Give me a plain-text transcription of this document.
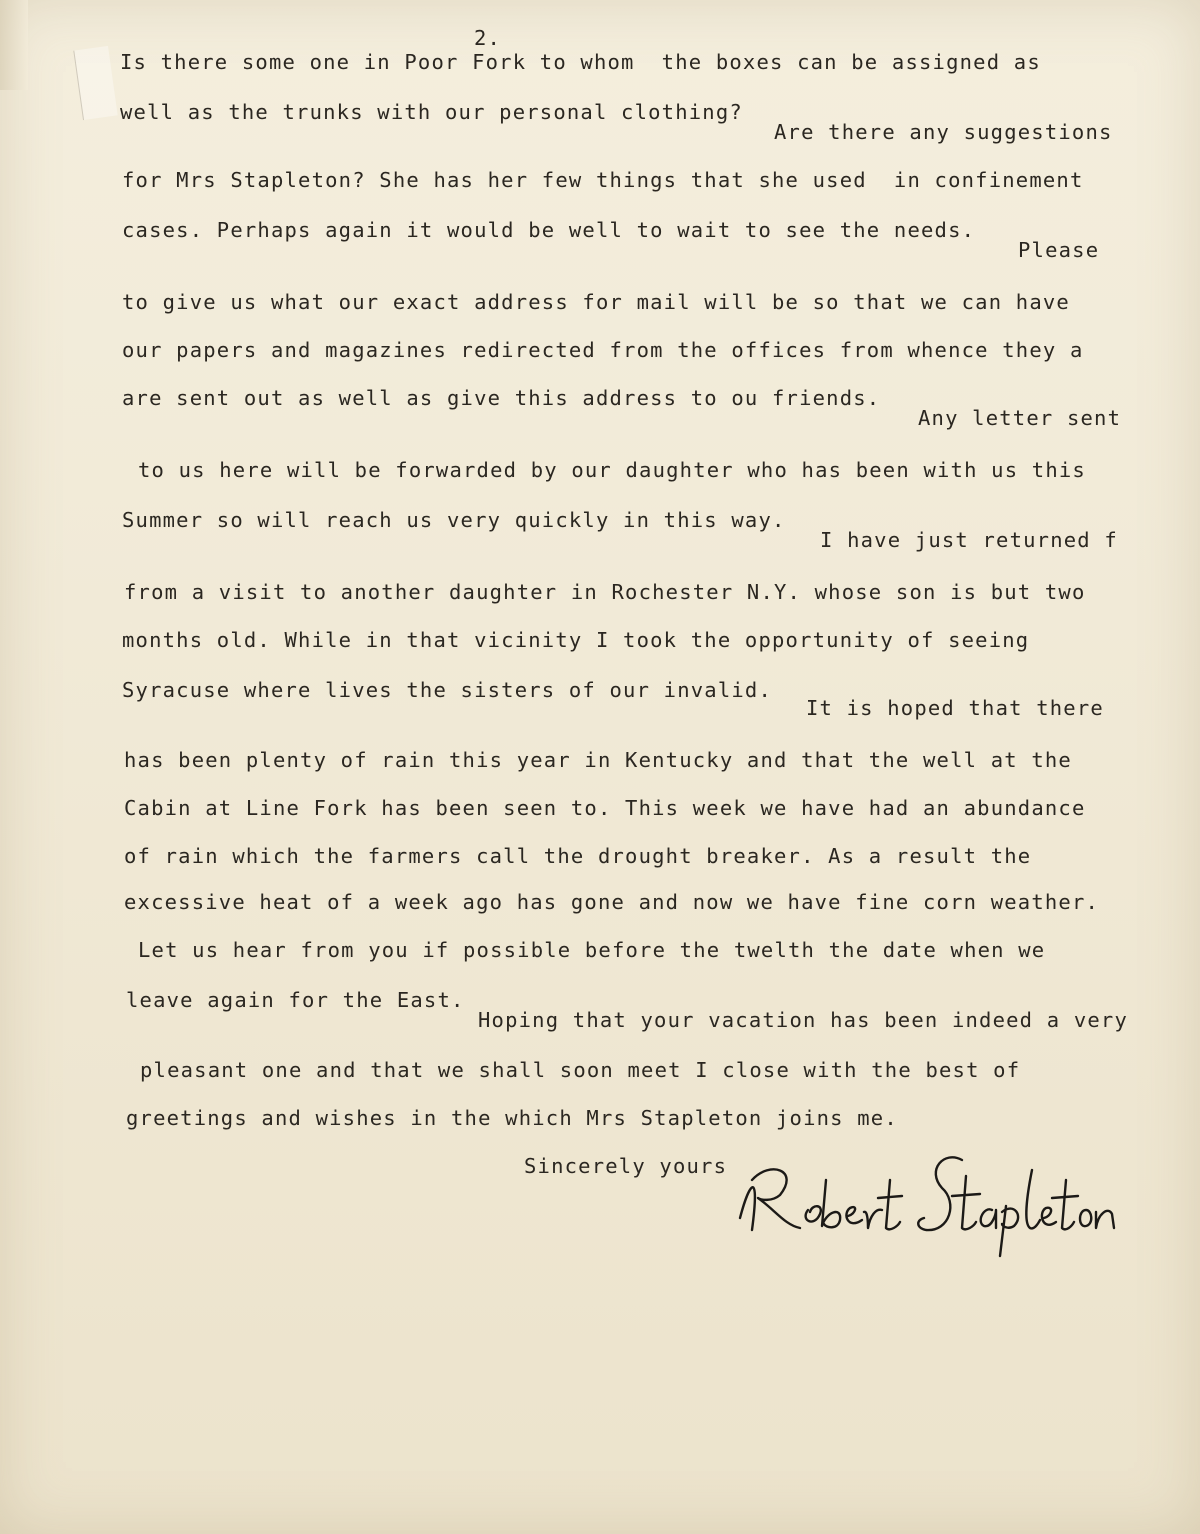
2.
Is there some one in Poor Fork to whom  the boxes can be assigned as
well as the trunks with our personal clothing?
Are there any suggestions
for Mrs Stapleton? She has her few things that she used  in confinement
cases. Perhaps again it would be well to wait to see the needs.
Please
to give us what our exact address for mail will be so that we can have
our papers and magazines redirected from the offices from whence they a
are sent out as well as give this address to ou friends.
Any letter sent
to us here will be forwarded by our daughter who has been with us this
Summer so will reach us very quickly in this way.
I have just returned f
from a visit to another daughter in Rochester N.Y. whose son is but two
months old. While in that vicinity I took the opportunity of seeing
Syracuse where lives the sisters of our invalid.
It is hoped that there
has been plenty of rain this year in Kentucky and that the well at the
Cabin at Line Fork has been seen to. This week we have had an abundance
of rain which the farmers call the drought breaker. As a result the
excessive heat of a week ago has gone and now we have fine corn weather.
Let us hear from you if possible before the twelth the date when we
leave again for the East.
Hoping that your vacation has been indeed a very
pleasant one and that we shall soon meet I close with the best of
greetings and wishes in the which Mrs Stapleton joins me.
Sincerely yours
